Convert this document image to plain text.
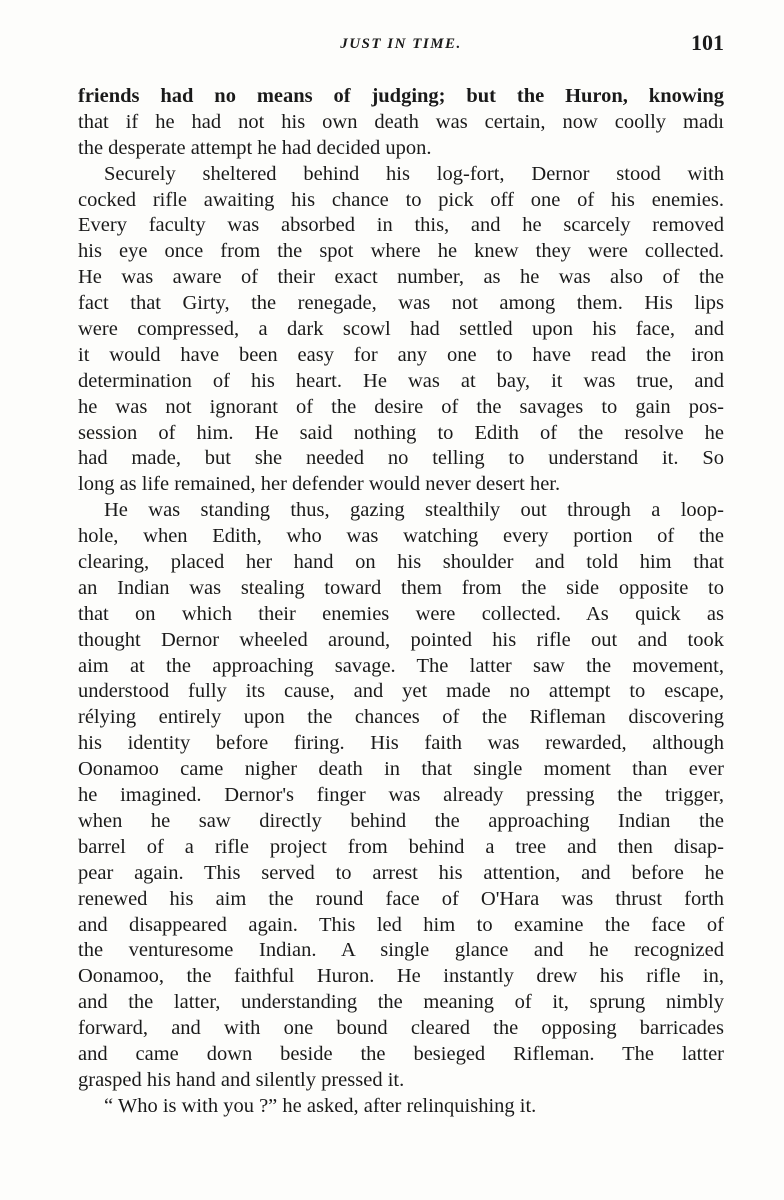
JUST IN TIME.	101
friends had no means of judging; but the Huron, knowing
that if he had not his own death was certain, now coolly madı
the desperate attempt he had decided upon.
Securely sheltered behind his log-fort, Dernor stood with
cocked rifle awaiting his chance to pick off one of his enemies.
Every faculty was absorbed in this, and he scarcely removed
his eye once from the spot where he knew they were collected.
He was aware of their exact number, as he was also of the
fact that Girty, the renegade, was not among them. His lips
were compressed, a dark scowl had settled upon his face, and
it would have been easy for any one to have read the iron
determination of his heart. He was at bay, it was true, and
he was not ignorant of the desire of the savages to gain pos-
session of him. He said nothing to Edith of the resolve he
had made, but she needed no telling to understand it. So
long as life remained, her defender would never desert her.
He was standing thus, gazing stealthily out through a loop-
hole, when Edith, who was watching every portion of the
clearing, placed her hand on his shoulder and told him that
an Indian was stealing toward them from the side opposite to
that on which their enemies were collected. As quick as
thought Dernor wheeled around, pointed his rifle out and took
aim at the approaching savage. The latter saw the movement,
understood fully its cause, and yet made no attempt to escape,
rélying entirely upon the chances of the Rifleman discovering
his identity before firing. His faith was rewarded, although
Oonamoo came nigher death in that single moment than ever
he imagined. Dernor's finger was already pressing the trigger,
when he saw directly behind the approaching Indian the
barrel of a rifle project from behind a tree and then disap-
pear again. This served to arrest his attention, and before he
renewed his aim the round face of O'Hara was thrust forth
and disappeared again. This led him to examine the face of
the venturesome Indian. A single glance and he recognized
Oonamoo, the faithful Huron. He instantly drew his rifle in,
and the latter, understanding the meaning of it, sprung nimbly
forward, and with one bound cleared the opposing barricades
and came down beside the besieged Rifleman. The latter
grasped his hand and silently pressed it.
“ Who is with you ?” he asked, after relinquishing it.
